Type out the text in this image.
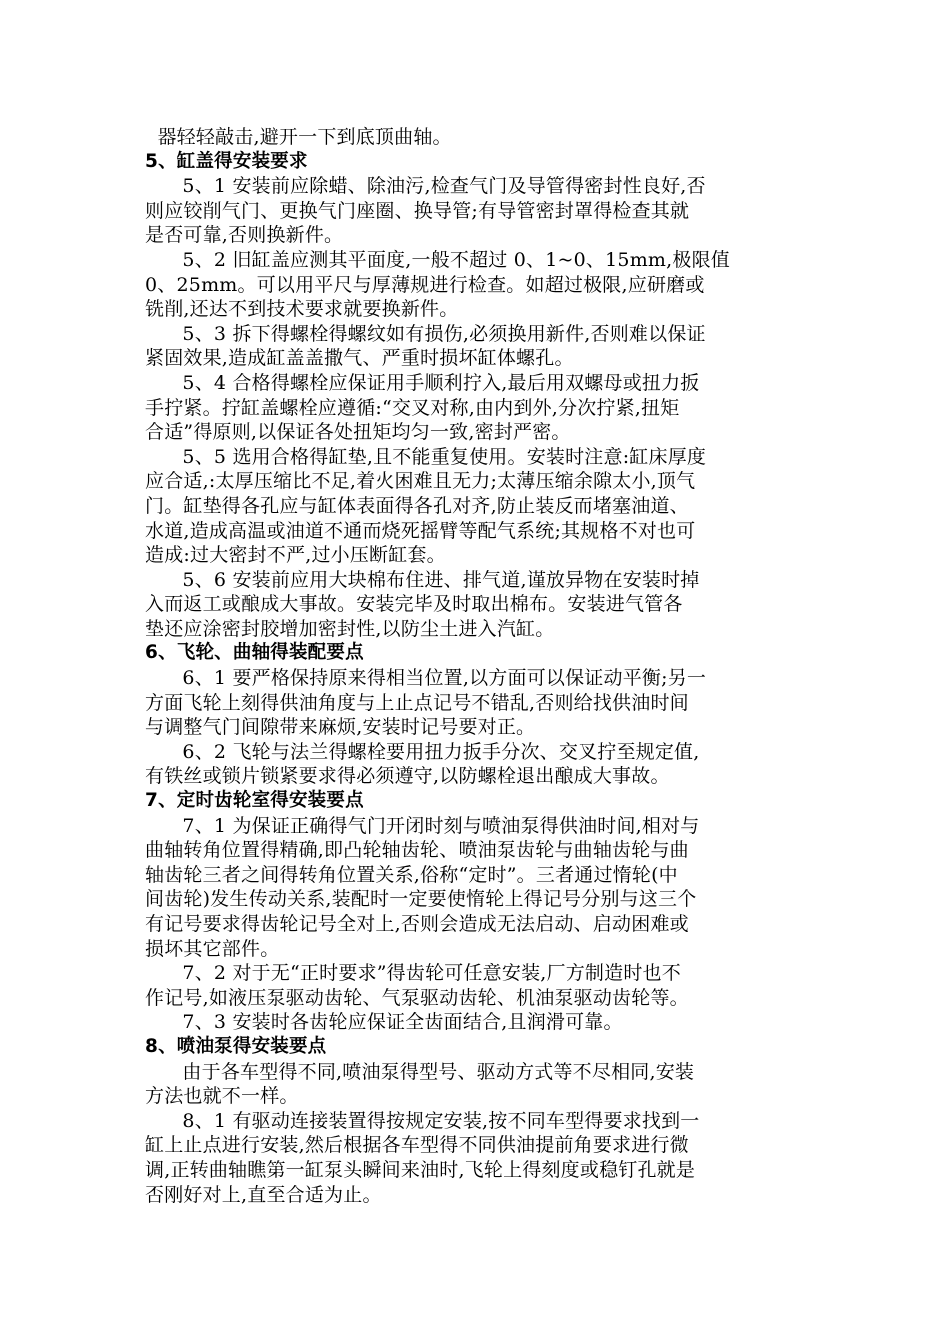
器轻轻敲击,避开一下到底顶曲轴。
5、缸盖得安装要求
5、1 安装前应除蜡、除油污,检查气门及导管得密封性良好,否
则应铰削气门、更换气门座圈、换导管;有导管密封罩得检查其就
是否可靠,否则换新件。
5、2 旧缸盖应测其平面度,一般不超过 0、1~0、15mm,极限值
0、25mm。可以用平尺与厚薄规进行检查。如超过极限,应研磨或
铣削,还达不到技术要求就要换新件。
5、3 拆下得螺栓得螺纹如有损伤,必须换用新件,否则难以保证
紧固效果,造成缸盖盖撒气、严重时损坏缸体螺孔。
5、4 合格得螺栓应保证用手顺利拧入,最后用双螺母或扭力扳
手拧紧。拧缸盖螺栓应遵循:“交叉对称,由内到外,分次拧紧,扭矩
合适”得原则,以保证各处扭矩均匀一致,密封严密。
5、5 选用合格得缸垫,且不能重复使用。安装时注意:缸床厚度
应合适,:太厚压缩比不足,着火困难且无力;太薄压缩余隙太小,顶气
门。缸垫得各孔应与缸体表面得各孔对齐,防止装反而堵塞油道、
水道,造成高温或油道不通而烧死摇臂等配气系统;其规格不对也可
造成:过大密封不严,过小压断缸套。
5、6 安装前应用大块棉布住进、排气道,谨放异物在安装时掉
入而返工或酿成大事故。安装完毕及时取出棉布。安装进气管各
垫还应涂密封胶增加密封性,以防尘土进入汽缸。
6、飞轮、曲轴得装配要点
6、1 要严格保持原来得相当位置,以方面可以保证动平衡;另一
方面飞轮上刻得供油角度与上止点记号不错乱,否则给找供油时间
与调整气门间隙带来麻烦,安装时记号要对正。
6、2 飞轮与法兰得螺栓要用扭力扳手分次、交叉拧至规定值,
有铁丝或锁片锁紧要求得必须遵守,以防螺栓退出酿成大事故。
7、定时齿轮室得安装要点
7、1 为保证正确得气门开闭时刻与喷油泵得供油时间,相对与
曲轴转角位置得精确,即凸轮轴齿轮、喷油泵齿轮与曲轴齿轮与曲
轴齿轮三者之间得转角位置关系,俗称“定时”。三者通过惰轮(中
间齿轮)发生传动关系,装配时一定要使惰轮上得记号分别与这三个
有记号要求得齿轮记号全对上,否则会造成无法启动、启动困难或
损坏其它部件。
7、2 对于无“正时要求”得齿轮可任意安装,厂方制造时也不
作记号,如液压泵驱动齿轮、气泵驱动齿轮、机油泵驱动齿轮等。
7、3 安装时各齿轮应保证全齿面结合,且润滑可靠。
8、喷油泵得安装要点
由于各车型得不同,喷油泵得型号、驱动方式等不尽相同,安装
方法也就不一样。
8、1 有驱动连接装置得按规定安装,按不同车型得要求找到一
缸上止点进行安装,然后根据各车型得不同供油提前角要求进行微
调,正转曲轴瞧第一缸泵头瞬间来油时,飞轮上得刻度或稳钉孔就是
否刚好对上,直至合适为止。
